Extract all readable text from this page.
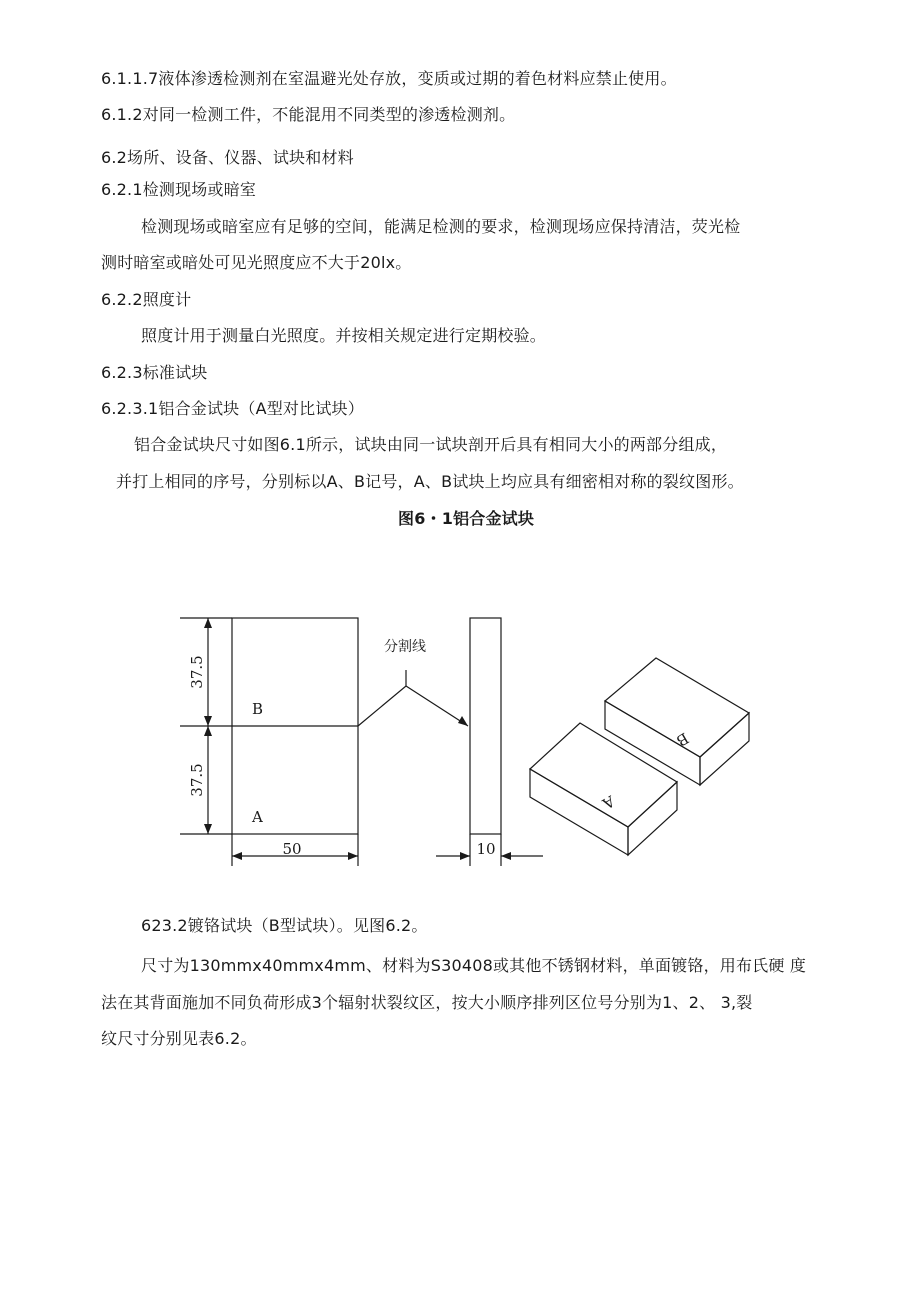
6.1.1.7液体渗透检测剂在室温避光处存放，变质或过期的着色材料应禁止使用。
6.1.2对同一检测工件，不能混用不同类型的渗透检测剂。
6.2场所、设备、仪器、试块和材料
6.2.1检测现场或暗室
检测现场或暗室应有足够的空间，能满足检测的要求，检测现场应保持清洁，荧光检
测时暗室或暗处可见光照度应不大于20lx。
6.2.2照度计
照度计用于测量白光照度。并按相关规定进行定期校验。
6.2.3标准试块
6.2.3.1铝合金试块（A型对比试块）
铝合金试块尺寸如图6.1所示，试块由同一试块剖开后具有相同大小的两部分组成，
并打上相同的序号，分别标以A、B记号，A、B试块上均应具有细密相对称的裂纹图形。
图6・1铝合金试块
37.5
37.5
B
A
50	10
分割线
B
A
623.2镀铬试块（B型试块）。见图6.2。
尺寸为130mmx40mmx4mm、材料为S30408或其他不锈钢材料，单面镀铬，用布氏硬 度
法在其背面施加不同负荷形成3个辐射状裂纹区，按大小顺序排列区位号分别为1、2、 3,裂
纹尺寸分别见表6.2。
